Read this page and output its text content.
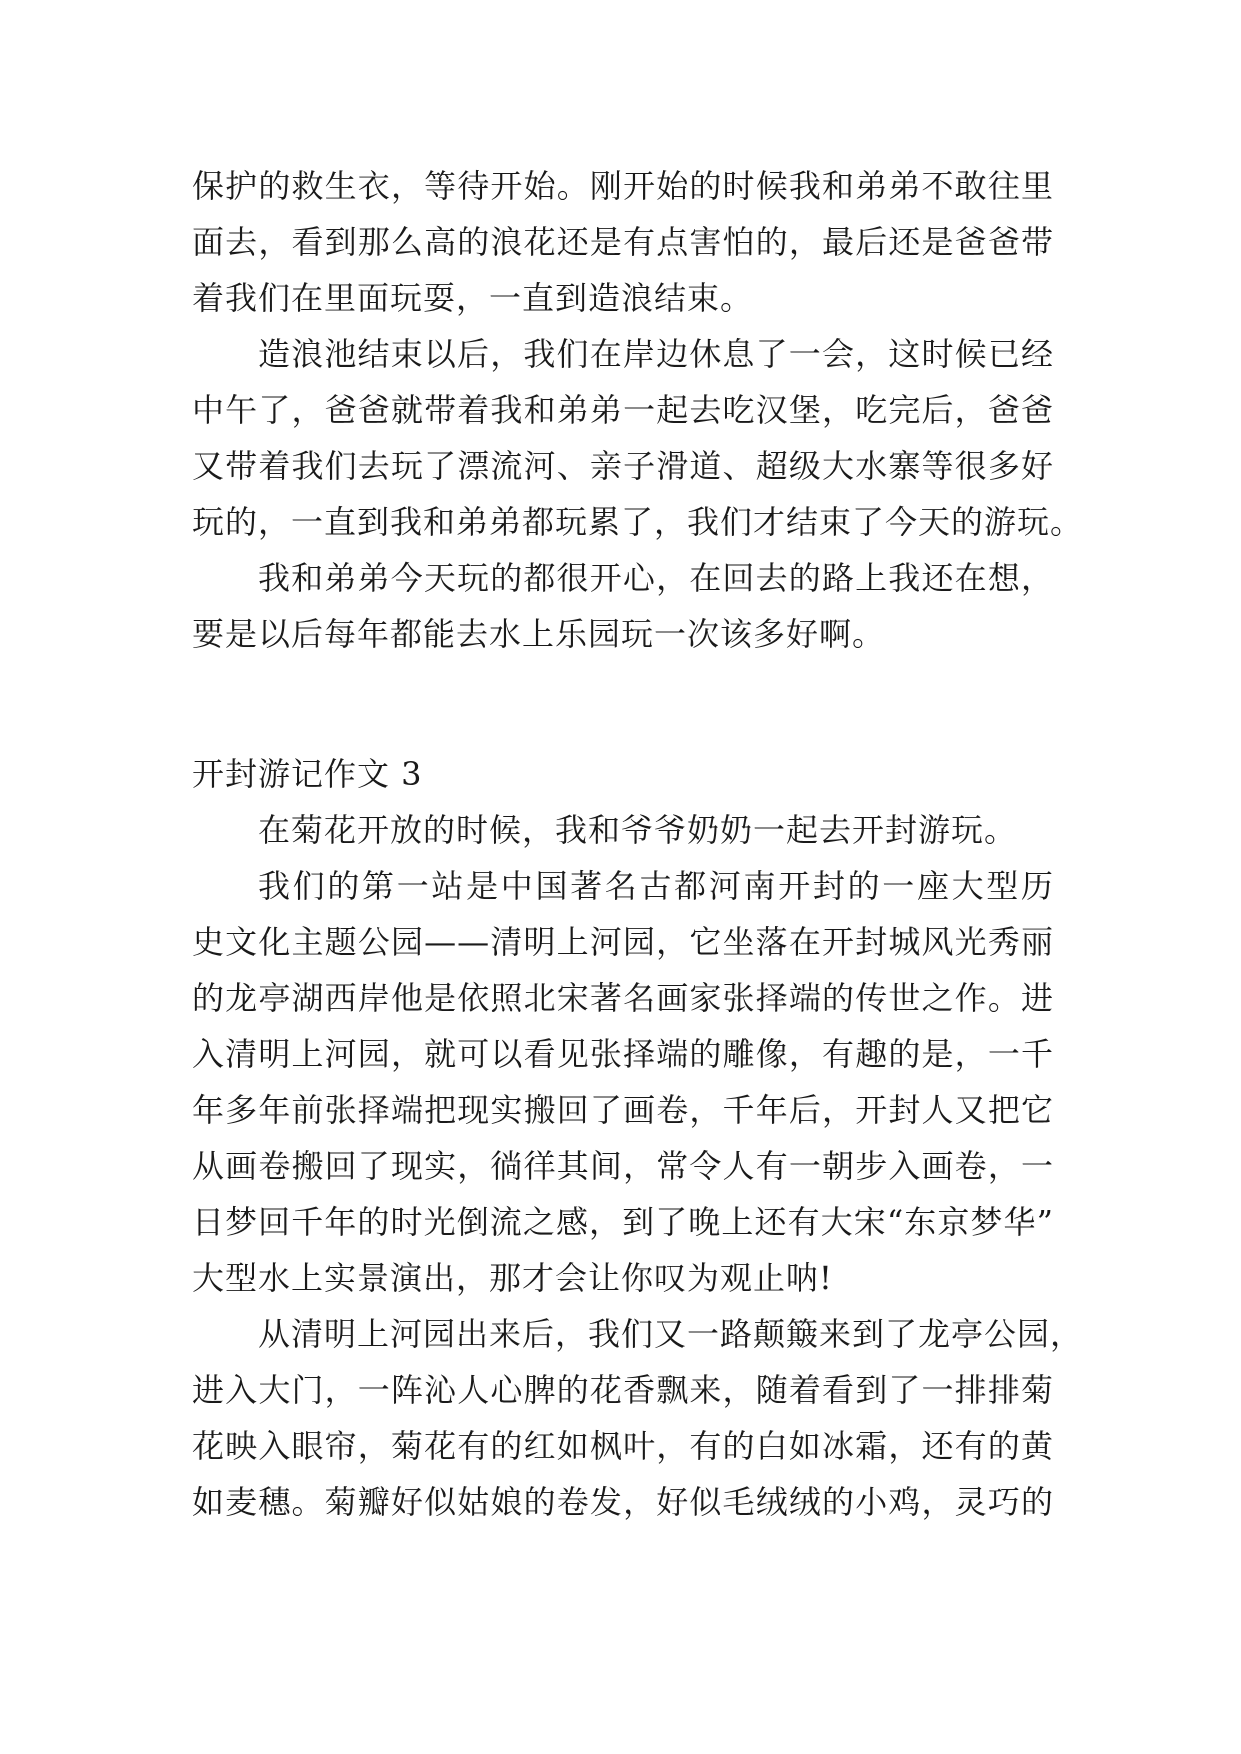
保护的救生衣，等待开始。刚开始的时候我和弟弟不敢往里
面去，看到那么高的浪花还是有点害怕的，最后还是爸爸带
着我们在里面玩耍，一直到造浪结束。
造浪池结束以后，我们在岸边休息了一会，这时候已经
中午了，爸爸就带着我和弟弟一起去吃汉堡，吃完后，爸爸
又带着我们去玩了漂流河、亲子滑道、超级大水寨等很多好
玩的，一直到我和弟弟都玩累了，我们才结束了今天的游玩。
我和弟弟今天玩的都很开心，在回去的路上我还在想，
要是以后每年都能去水上乐园玩一次该多好啊。
开封游记作文 3
在菊花开放的时候，我和爷爷奶奶一起去开封游玩。
我们的第一站是中国著名古都河南开封的一座大型历
史文化主题公园——清明上河园，它坐落在开封城风光秀丽
的龙亭湖西岸他是依照北宋著名画家张择端的传世之作。进
入清明上河园，就可以看见张择端的雕像，有趣的是，一千
年多年前张择端把现实搬回了画卷，千年后，开封人又把它
从画卷搬回了现实，徜徉其间，常令人有一朝步入画卷，一
日梦回千年的时光倒流之感，到了晚上还有大宋“东京梦华”
大型水上实景演出，那才会让你叹为观止呐!
从清明上河园出来后，我们又一路颠簸来到了龙亭公园，
进入大门，一阵沁人心脾的花香飘来，随着看到了一排排菊
花映入眼帘，菊花有的红如枫叶，有的白如冰霜，还有的黄
如麦穗。菊瓣好似姑娘的卷发，好似毛绒绒的小鸡，灵巧的
